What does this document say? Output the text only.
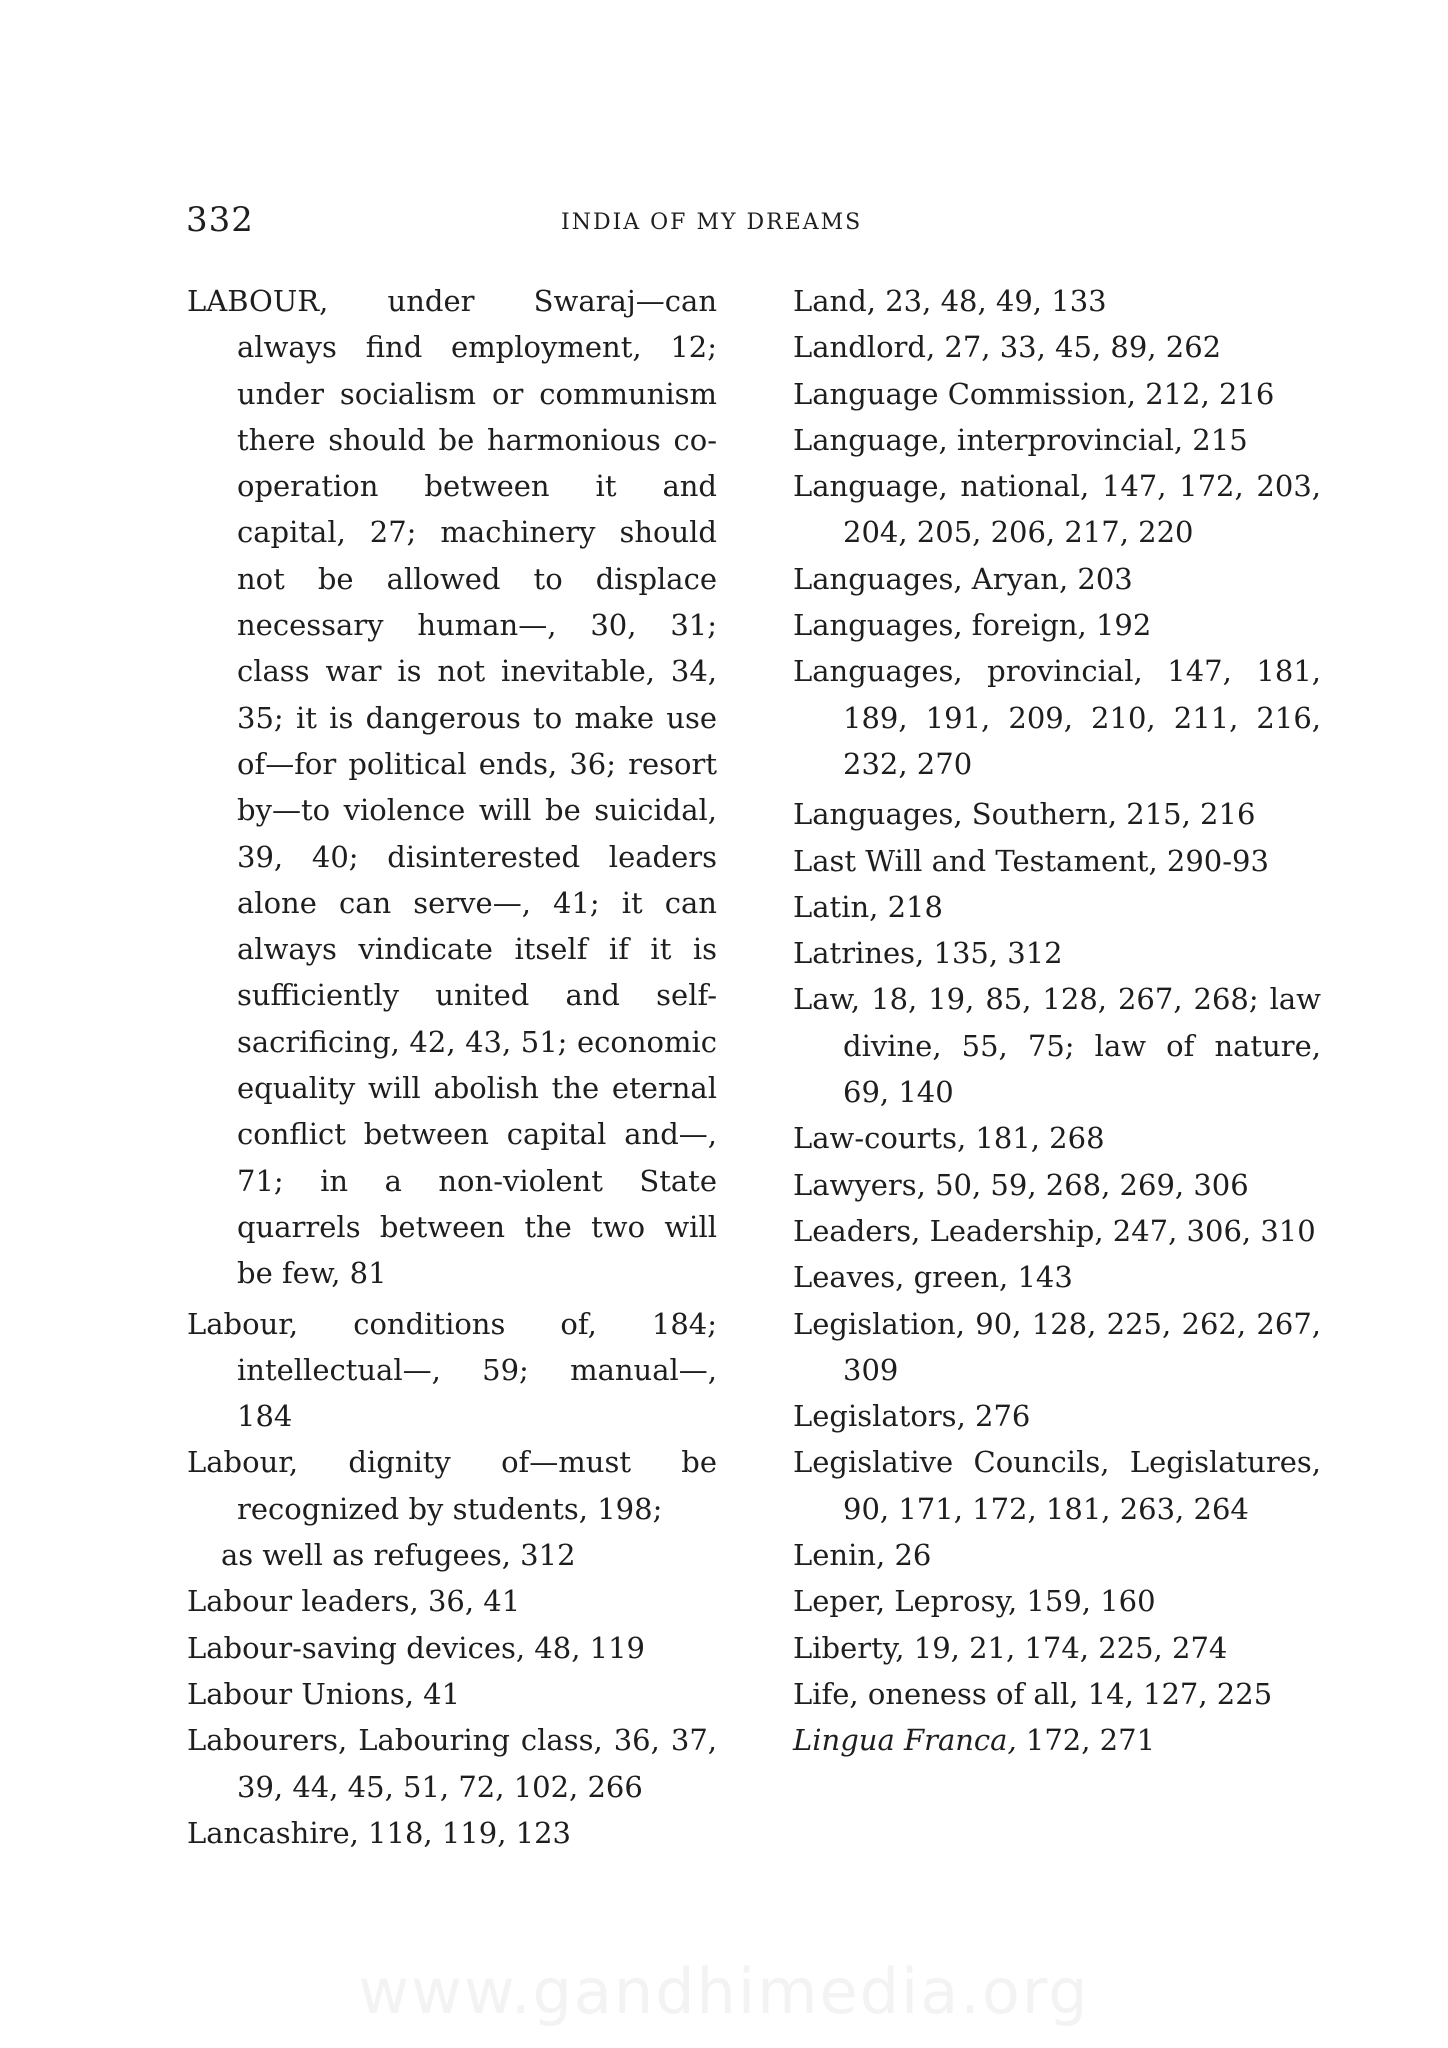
332	INDIA OF MY DREAMS
LABOUR, under Swaraj—can always find employment, 12; under socialism or communism there should be harmonious co-operation between it and capital, 27; machinery should not be allowed to displace necessary human—, 30, 31; class war is not inevitable, 34, 35; it is dangerous to make use of—for political ends, 36; resort by—to violence will be suicidal, 39, 40; disinterested leaders alone can serve—, 41; it can always vindicate itself if it is sufficiently united and self-sacrificing, 42, 43, 51; economic equality will abolish the eternal conflict between capital and—, 71; in a non-violent State quarrels between the two will be few, 81
Labour, conditions of, 184; intellectual—, 59; manual—, 184
Labour, dignity of—must be recognized by students, 198;
as well as refugees, 312
Labour leaders, 36, 41
Labour-saving devices, 48, 119
Labour Unions, 41
Labourers, Labouring class, 36, 37, 39, 44, 45, 51, 72, 102, 266
Lancashire, 118, 119, 123
Land, 23, 48, 49, 133
Landlord, 27, 33, 45, 89, 262
Language Commission, 212, 216
Language, interprovincial, 215
Language, national, 147, 172, 203, 204, 205, 206, 217, 220
Languages, Aryan, 203
Languages, foreign, 192
Languages, provincial, 147, 181, 189, 191, 209, 210, 211, 216, 232, 270
Languages, Southern, 215, 216
Last Will and Testament, 290-93
Latin, 218
Latrines, 135, 312
Law, 18, 19, 85, 128, 267, 268; law divine, 55, 75; law of nature, 69, 140
Law-courts, 181, 268
Lawyers, 50, 59, 268, 269, 306
Leaders, Leadership, 247, 306, 310
Leaves, green, 143
Legislation, 90, 128, 225, 262, 267, 309
Legislators, 276
Legislative Councils, Legislatures, 90, 171, 172, 181, 263, 264
Lenin, 26
Leper, Leprosy, 159, 160
Liberty, 19, 21, 174, 225, 274
Life, oneness of all, 14, 127, 225
Lingua Franca, 172, 271
www.gandhimedia.org
